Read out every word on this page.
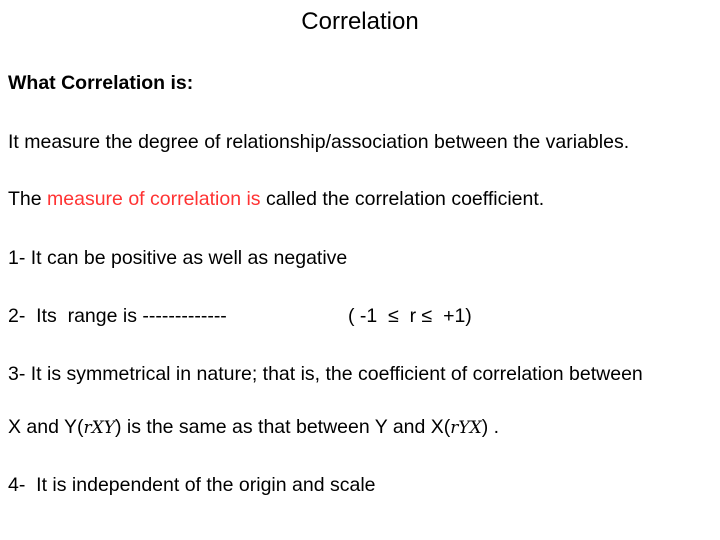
Correlation
What Correlation is:
It measure the degree of relationship/association between the variables.
The measure of correlation is called the correlation coefficient.
1- It can be positive as well as negative
2-  Its  range is -------------	( -1  ≤  r ≤  +1)
3- It is symmetrical in nature; that is, the coefficient of correlation between
X and Y(rXY) is the same as that between Y and X(rYX) .
4-  It is independent of the origin and scale
